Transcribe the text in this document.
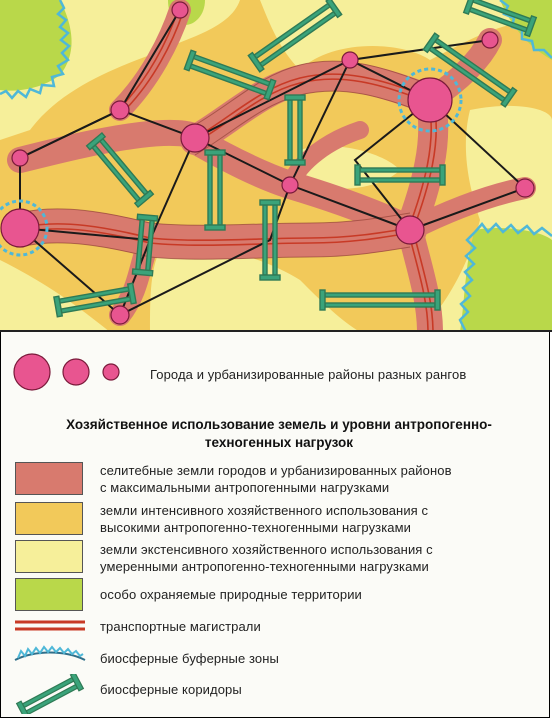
Города и урбанизированные районы разных рангов
Хозяйственное использование земель и уровни антропогенно-
техногенных нагрузок
селитебные земли городов и урбанизированных районов
с максимальными антропогенными нагрузками
земли интенсивного хозяйственного использования с
высокими антропогенно-техногенными нагрузками
земли экстенсивного хозяйственного использования с
умеренными антропогенно-техногенными нагрузками
особо охраняемые природные территории
транспортные магистрали
биосферные буферные зоны
биосферные коридоры
